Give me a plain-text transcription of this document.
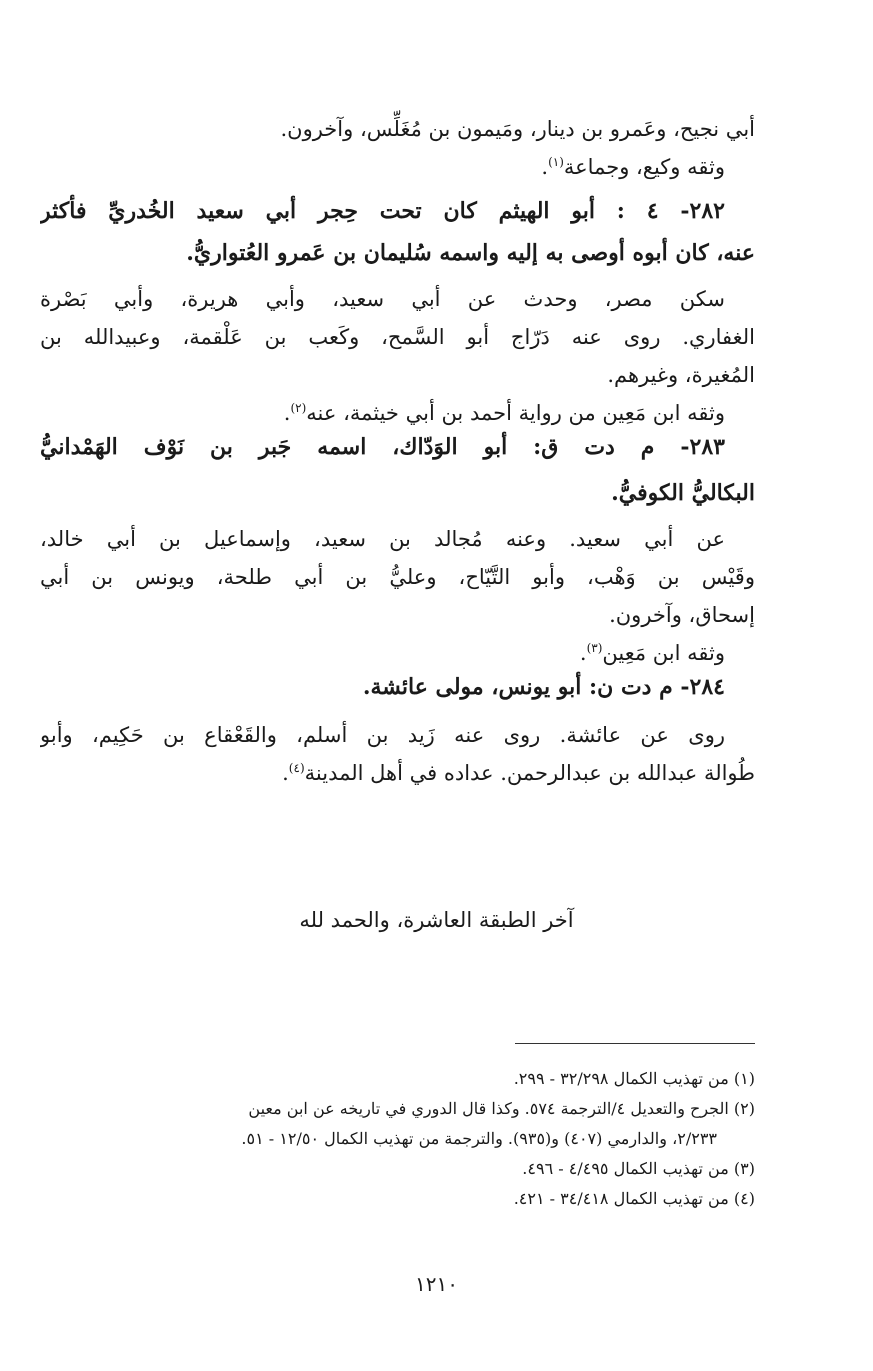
أبي نجيح، وعَمرو بن دينار، ومَيمون بن مُغَلِّس، وآخرون.
وثقه وكيع، وجماعة$^{(١)}$.
٢٨٢- ٤ : أبو الهيثم كان تحت حِجر أبي سعيد الخُدريِّ فأكثر
عنه، كان أبوه أوصى به إليه واسمه سُليمان بن عَمرو العُتواريُّ.
سكن مصر، وحدث عن أبي سعيد، وأبي هريرة، وأبي بَصْرة
الغفاري. روى عنه دَرّاج أبو السَّمح، وكَعب بن عَلْقمة، وعبيدالله بن
المُغيرة، وغيرهم.
وثقه ابن مَعِين من رواية أحمد بن أبي خيثمة، عنه$^{(٢)}$.
٢٨٣- م دت ق: أبو الوَدّاك، اسمه جَبر بن نَوْف الهَمْدانيُّ
البكاليُّ الكوفيُّ.
عن أبي سعيد. وعنه مُجالد بن سعيد، وإسماعيل بن أبي خالد،
وقَيْس بن وَهْب، وأبو التَّيّاح، وعليُّ بن أبي طلحة، ويونس بن أبي
إسحاق، وآخرون.
وثقه ابن مَعِين$^{(٣)}$.
٢٨٤- م دت ن: أبو يونس، مولى عائشة.
روى عن عائشة. روى عنه زَيد بن أسلم، والقَعْقاع بن حَكِيم، وأبو
طُوالة عبدالله بن عبدالرحمن. عداده في أهل المدينة$^{(٤)}$.
آخر الطبقة العاشرة، والحمد لله
(١) من تهذيب الكمال ٣٢/٢٩٨ - ٢٩٩.
(٢) الجرح والتعديل ٤/الترجمة ٥٧٤. وكذا قال الدوري في تاريخه عن ابن معين
٢/٢٣٣، والدارمي (٤٠٧) و(٩٣٥). والترجمة من تهذيب الكمال ١٢/٥٠ - ٥١.
(٣) من تهذيب الكمال ٤/٤٩٥ - ٤٩٦.
(٤) من تهذيب الكمال ٣٤/٤١٨ - ٤٢١.
١٢١٠
